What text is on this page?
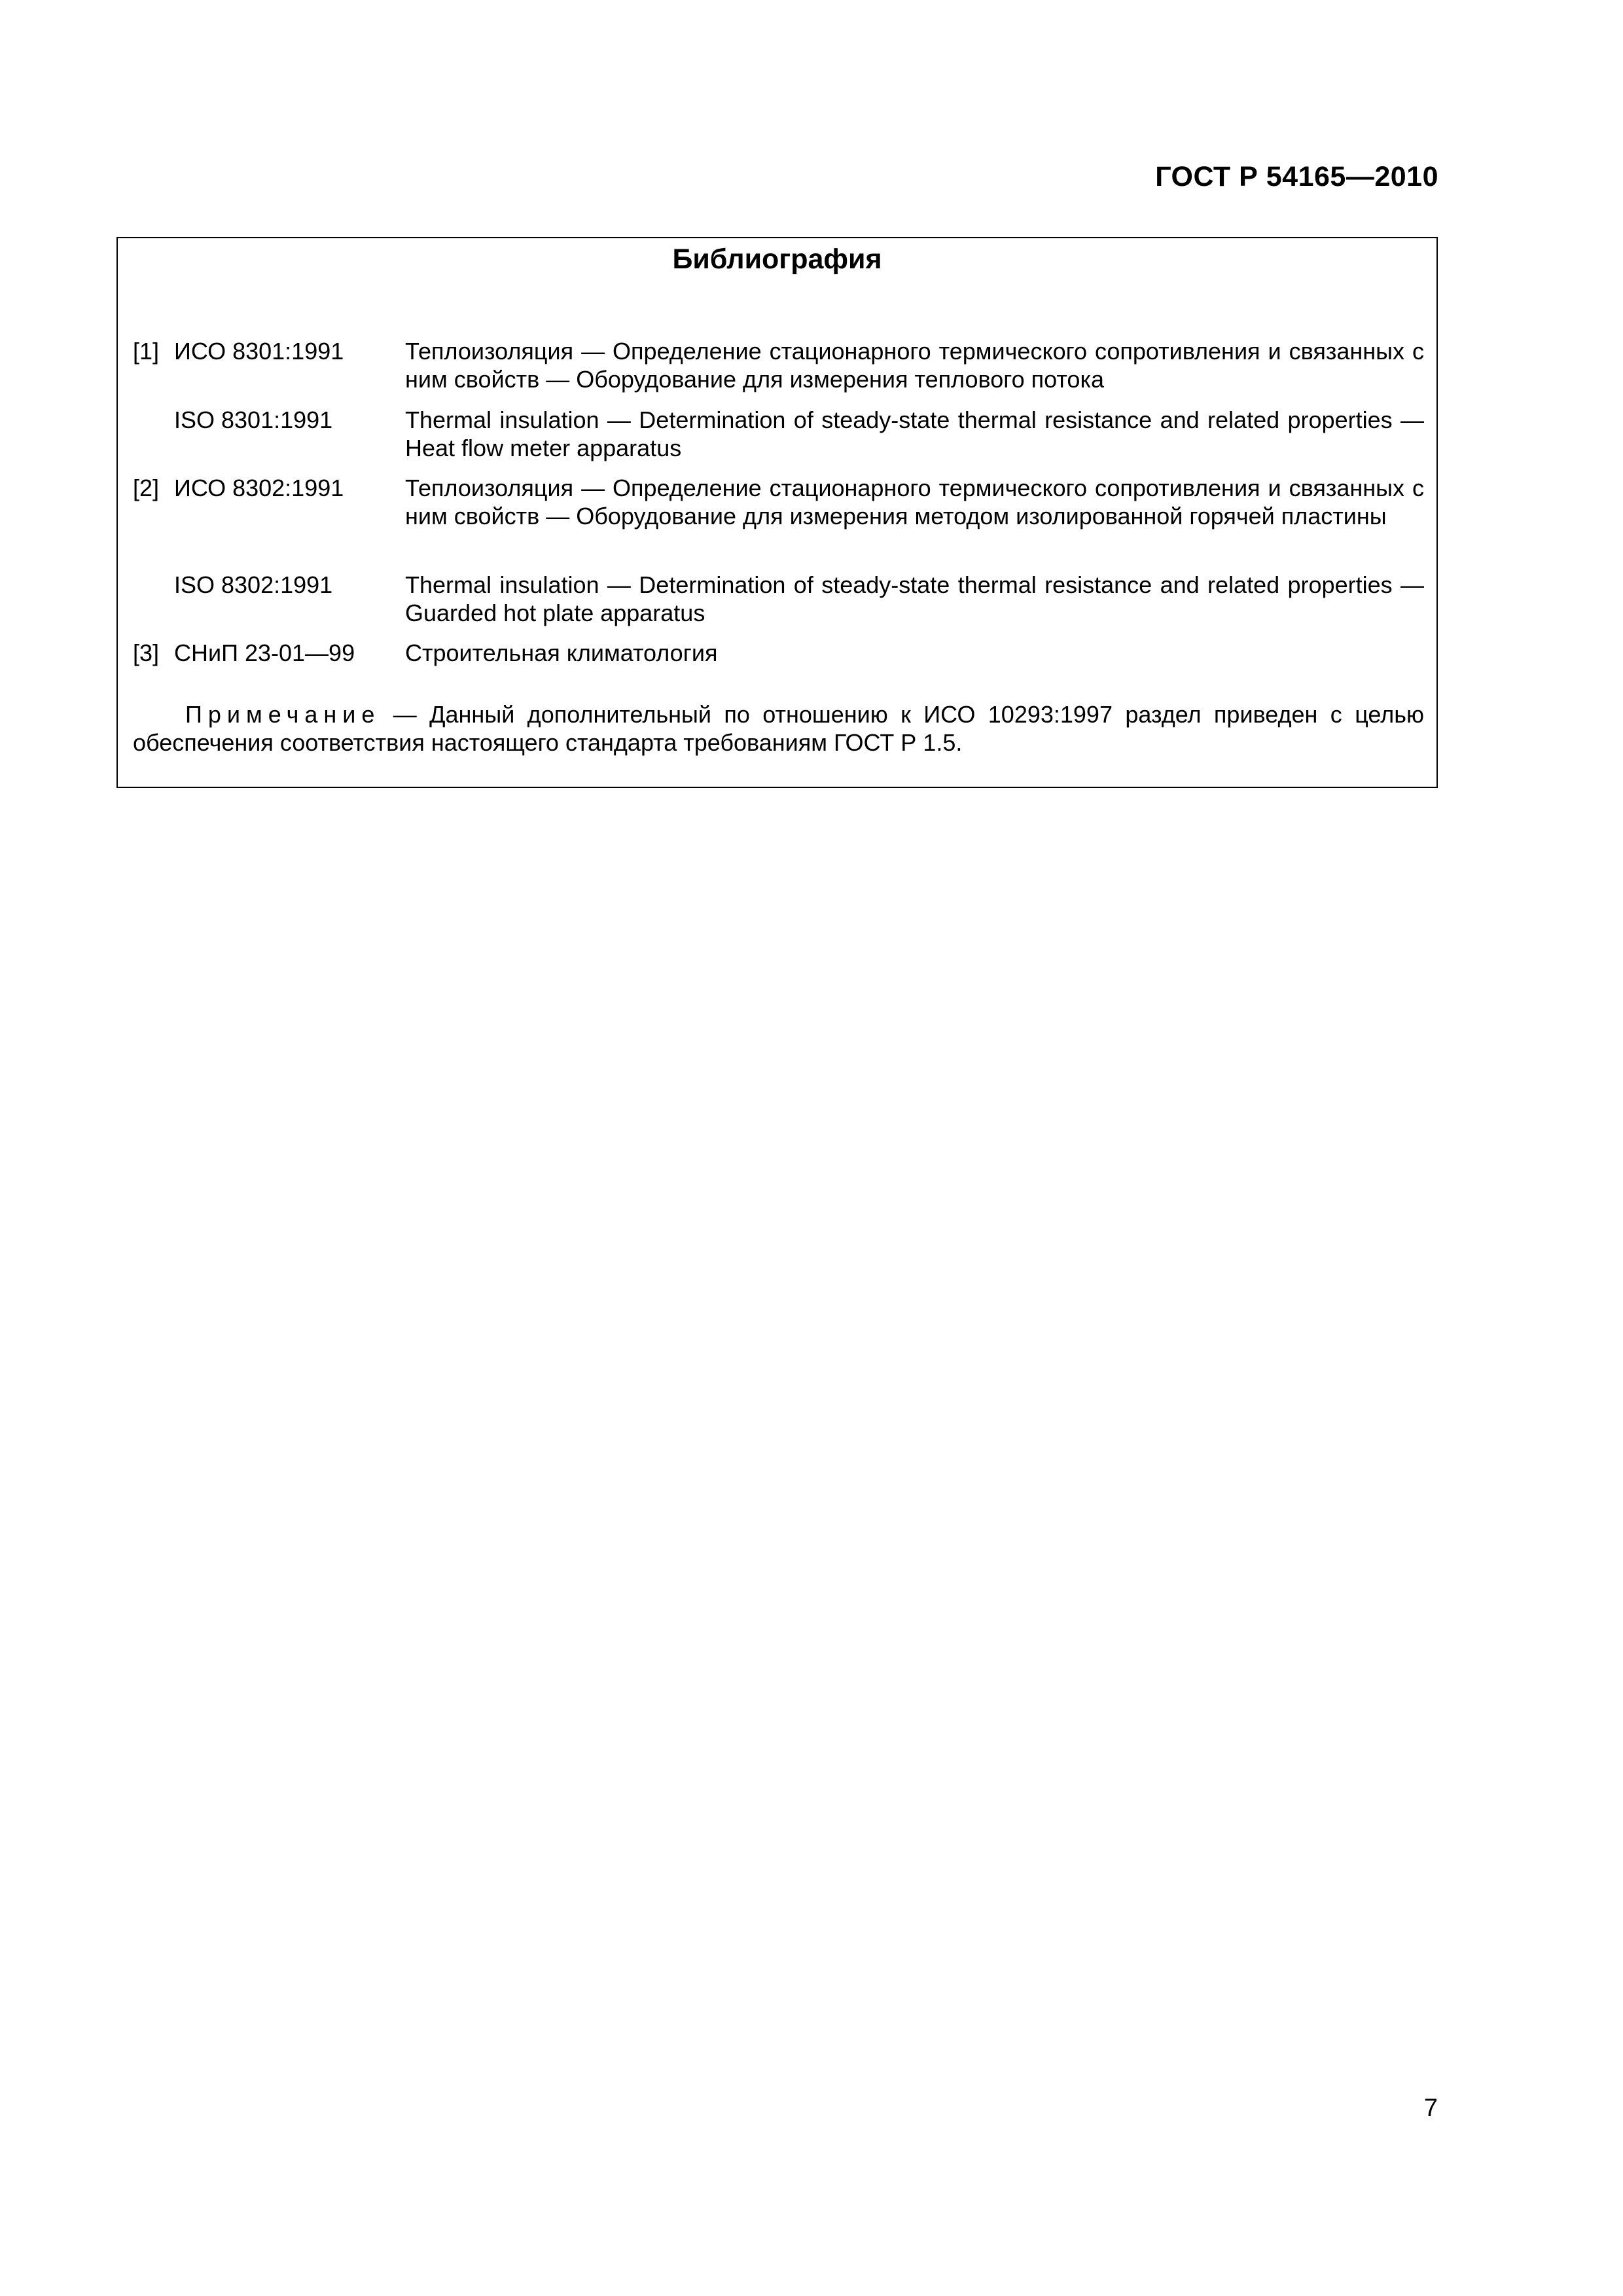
ГОСТ Р 54165—2010
Библиография
[1] ИСО 8301:1991	Теплоизоляция — Определение стационарного термического сопротивления и связанных с ним свойств — Оборудование для измерения теплового потока
ISO 8301:1991	Thermal insulation — Determination of steady-state thermal resistance and related properties — Heat flow meter apparatus
[2] ИСО 8302:1991	Теплоизоляция — Определение стационарного термического сопротивления и связанных с ним свойств — Оборудование для измерения методом изолированной горячей пластины
ISO 8302:1991	Thermal insulation — Determination of steady-state thermal resistance and related properties — Guarded hot plate apparatus
[3] СНиП 23-01—99 Строительная климатология
Примечание — Данный дополнительный по отношению к ИСО 10293:1997 раздел приведен с целью обеспечения соответствия настоящего стандарта требованиям ГОСТ Р 1.5.
7
